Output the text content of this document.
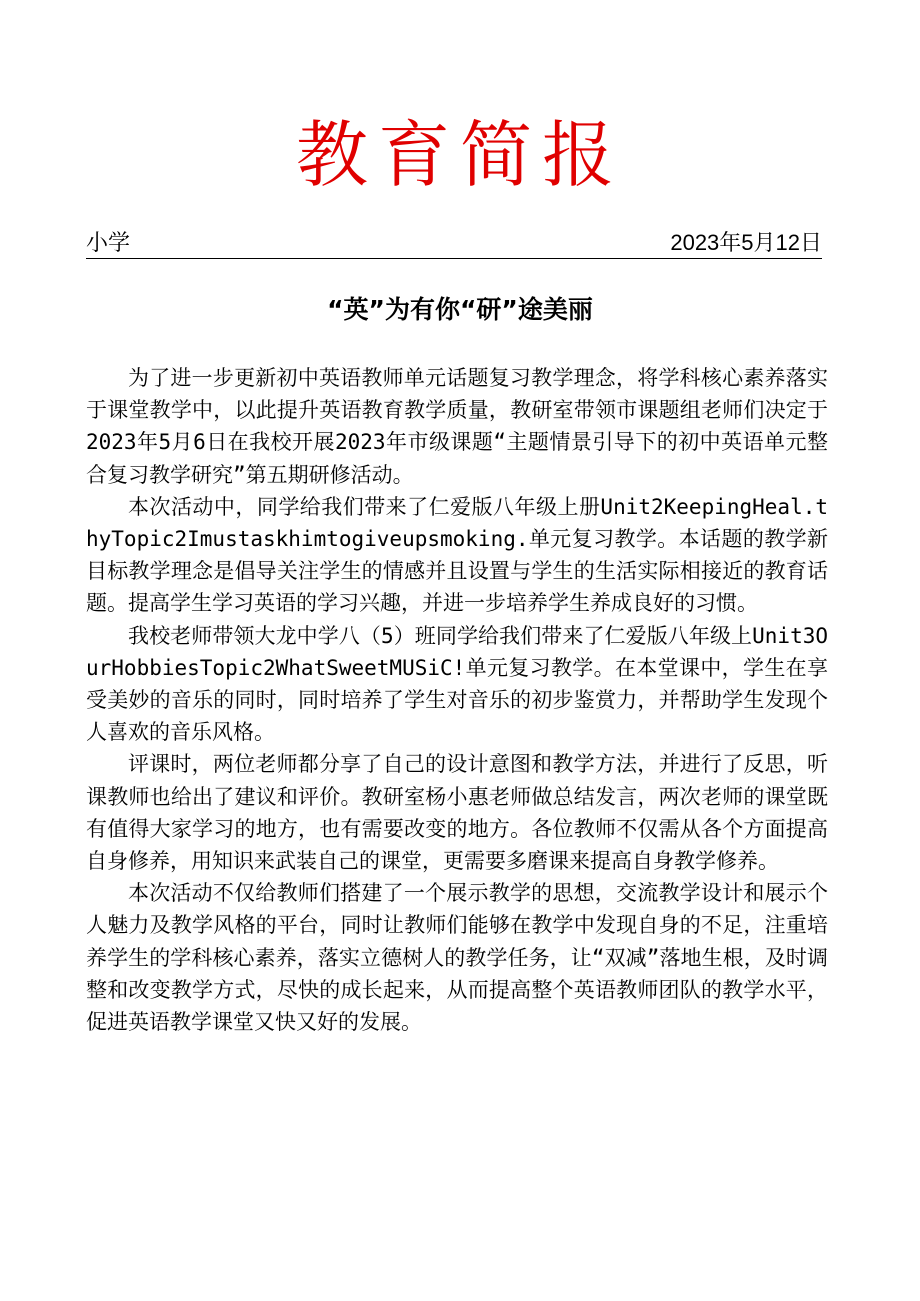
教育简报
小学	2023年5月12日
“英”为有你“研”途美丽

为了进一步更新初中英语教师单元话题复习教学理念，将学科核心素养落实于课堂教学中，以此提升英语教育教学质量，教研室带领市课题组老师们决定于2023年5月6日在我校开展2023年市级课题“主题情景引导下的初中英语单元整合复习教学研究”第五期研修活动。

本次活动中，同学给我们带来了仁爱版八年级上册Unit2KeepingHeal.thyTopic2Imustaskhimtogiveupsmoking.单元复习教学。本话题的教学新目标教学理念是倡导关注学生的情感并且设置与学生的生活实际相接近的教育话题。提高学生学习英语的学习兴趣，并进一步培养学生养成良好的习惯。

我校老师带领大龙中学八（5）班同学给我们带来了仁爱版八年级上Unit3OurHobbiesTopic2WhatSweetMUSiC!单元复习教学。在本堂课中，学生在享受美妙的音乐的同时，同时培养了学生对音乐的初步鉴赏力，并帮助学生发现个人喜欢的音乐风格。

评课时，两位老师都分享了自己的设计意图和教学方法，并进行了反思，听课教师也给出了建议和评价。教研室杨小惠老师做总结发言，两次老师的课堂既有值得大家学习的地方，也有需要改变的地方。各位教师不仅需从各个方面提高自身修养，用知识来武装自己的课堂，更需要多磨课来提高自身教学修养。

本次活动不仅给教师们搭建了一个展示教学的思想，交流教学设计和展示个人魅力及教学风格的平台，同时让教师们能够在教学中发现自身的不足，注重培养学生的学科核心素养，落实立德树人的教学任务，让“双减”落地生根，及时调整和改变教学方式，尽快的成长起来，从而提高整个英语教师团队的教学水平，促进英语教学课堂又快又好的发展。
